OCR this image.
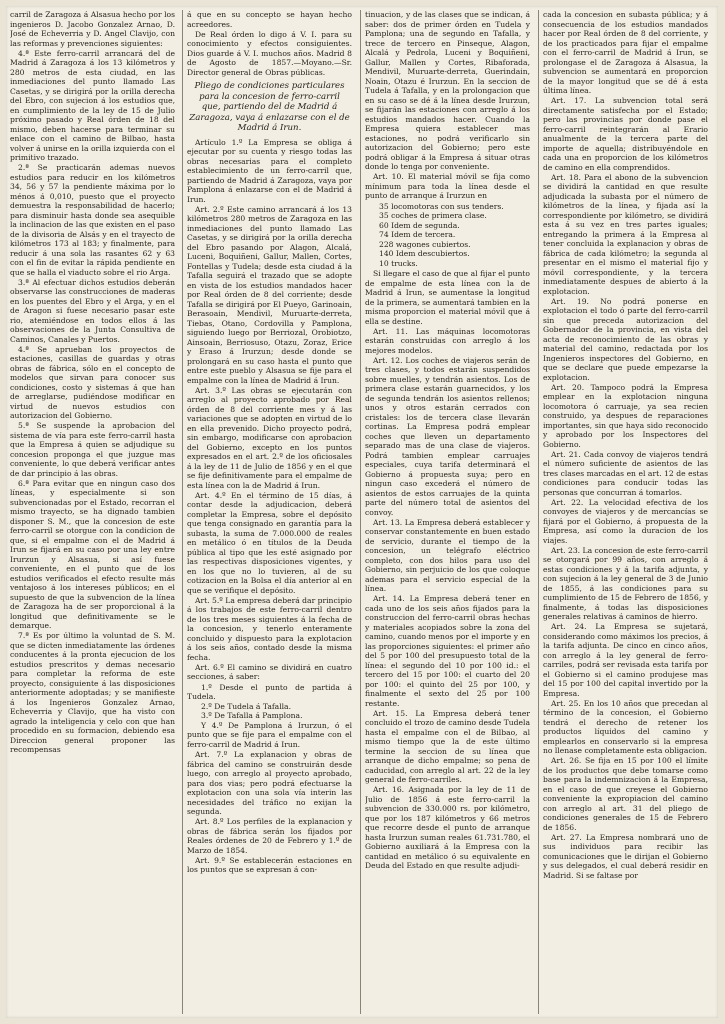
carril de Zaragoza á Alsasua hecho por los ingenieros D. Jacobo Gonzalez Arnao, D. José de Echeverria y D. Angel Clavijo, con las reformas y prevenciones siguientes:

4.ª Este ferro-carril arrancará del de Madrid á Zaragoza á los 13 kilómetros y 280 metros de esta ciudad, en las inmediaciones del punto llamado Las Casetas, y se dirigirá por la orilla derecha del Ebro, con sujecion á los estudios que, en cumplimiento de la ley de 15 de Julio próximo pasado y Real órden de 18 del mismo, deben hacerse para terminar su enlace con el camino de Bilbao, hasta volver á unirse en la orilla izquierda con el primitivo trazado.

2.ª Se practicarán ademas nuevos estudios para reducir en los kilómetros 34, 56 y 57 la pendiente máxima por lo ménos á 0,010, puesto que el proyecto demuestra la responsabilidad de hacerlo; para disminuir hasta donde sea asequible la inclinacion de las que existen en el paso de la divisoria de Alsás y en el trayecto de kilómetros 173 al 183; y finalmente, para reducir á una sola las rasantes 62 y 63 con el fin de evitar la rápida pendiente en que se halla el viaducto sobre el rio Arga.

3.ª Al efectuar dichos estudios deberán observarse las construcciones de maderas en los puentes del Ebro y el Arga, y en el de Aragon si fuese necesario pasar este rio, atemiéndose en todos ellos á las observaciones de la Junta Consultiva de Caminos, Canales y Puertos.

4.ª Se aprueban los proyectos de estaciones, casillas de guardas y otras obras de fábrica, sólo en el concepto de modelos que sirvan para conocer sus condiciones, costo y sistemas á que han de arreglarse, pudiéndose modificar en virtud de nuevos estudios con autorizacion del Gobierno.

5.ª Se suspende la aprobacion del sistema de vía para este ferro-carril hasta que la Empresa á quien se adjudique su concesion proponga el que juzgue mas conveniente, lo que deberá verificar antes de dar principio á las obras.

6.ª Para evitar que en ningun caso dos líneas, y especialmente si son subvencionadas por el Estado, recorran el mismo trayecto, se ha dignado tambien disponer S. M., que la concesion de este ferro-carril se otorgue con la condicion de que, si el empalme con el de Madrid á Irun se fijará en su caso por una ley entre Irurzun y Alsasua, si así fuese conveniente, en el punto que de los estudios verificados el efecto resulte más ventajoso á los intereses públicos; en el supuesto de que la subvencion de la línea de Zaragoza ha de ser proporcional á la longitud que definitivamente se le demarque.

7.ª Es por último la voluntad de S. M. que se dicten inmediatamente las órdenes conducentes á la pronta ejecucion de los estudios prescritos y demas necesario para completar la reforma de este proyecto, consiguiente á las disposiciones anteriormente adoptadas; y se manifieste á los Ingenieros Gonzalez Arnao, Echeverria y Clavijo, que ha visto con agrado la inteligencia y celo con que han procedido en su formacion, debiendo esa Direccion general proponer las recompensas

á que en su concepto se hayan hecho acreedores.

De Real órden lo digo á V. I. para su conocimiento y efectos consiguientes. Dios guarde á V. I. muchos años. Madrid 8 de Agosto de 1857.—Moyano.—Sr. Director general de Obras públicas.

Pliego de condiciones particulares para la concesion de ferro-carril que, partiendo del de Madrid á Zaragoza, vaya á enlazarse con el de Madrid á Irun.

Artículo 1.º La Empresa se obliga á ejecutar por su cuenta y riesgo todas las obras necesarias para el completo establecimiento de un ferro-carril que, partiendo de Madrid á Zaragoza, vaya por Pamplona á enlazarse con el de Madrid á Irun.

Art. 2.º Este camino arrancará á los 13 kilómetros 280 metros de Zaragoza en las inmediaciones del punto llamado Las Casetas, y se dirigirá por la orilla derecha del Ebro pasando por Alagon, Alcalá, Luceni, Boquiñeni, Gallur, Mallen, Cortes, Fontellas y Tudela; desde esta ciudad á la Tafalla seguirá el trazado que se adopte en vista de los estudios mandados hacer por Real órden de 8 del corriente; desde Tafalla se dirigirá por El Pueyo, Garinoain, Berasoain, Mendivil, Muruarte-derreta, Tiebas, Otano, Cordovilla y Pamplona, siguiendo luego por Berriozal, Orobiotzo, Ainsoain, Berriosuso, Otazu, Zoraz, Erice y Eraso á Irurzun; desde donde se prolongará en su caso hasta el punto que entre este pueblo y Alsasua se fije para el empalme con la línea de Madrid á Irun.

Art. 3.º Las obras se ejecutarán con arreglo al proyecto aprobado por Real órden de 8 del corriente mes y á las variaciones que se adopten en virtud de lo en ella prevenido. Dicho proyecto podrá, sin embargo, modificarse con aprobacion del Gobierno, excepto en los puntos expresados en el art. 2.º de los oficiosales á la ley de 11 de Julio de 1856 y en el que se fije definitivamente para el empalme de esta línea con la de Madrid á Irun.

Art. 4.º En el término de 15 días, á contar desde la adjudicacion, deberá completar la Empresa, sobre el depósito que tenga consignado en garantía para la subasta, la suma de 7.000.000 de reales en metálico ó en títulos de la Deuda pública al tipo que les esté asignado por las respectivas disposiciones vigentes, y en los que no lo tuvieren, al de su cotizacion en la Bolsa el día anterior al en que se verifique el depósito.

Art. 5.º La empresa deberá dar principio á los trabajos de este ferro-carril dentro de los tres meses siguientes á la fecha de la concesion, y tenerlo enteramente concluido y dispuesto para la explotacion á los seis años, contado desde la misma fecha.

Art. 6.º El camino se dividirá en cuatro secciones, á saber:

1.º Desde el punto de partida á Tudela.
2.º De Tudela á Tafalla.
3.º De Tafalla á Pamplona.
Y 4.º De Pamplona á Irurzun, ó el punto que se fije para el empalme con el ferro-carril de Madrid á Irun.

Art. 7.º La explanacion y obras de fábrica del camino se construirán desde luego, con arreglo al proyecto aprobado, para dos vias; pero podrá efectuarse la explotacion con una sola vía interin las necesidades del tráfico no exijan la segunda.

Art. 8.º Los perfiles de la explanacion y obras de fábrica serán los fijados por Reales órdenes de 20 de Febrero y 1.º de Marzo de 1854.

Art. 9.º Se establecerán estaciones en los puntos que se expresan á con-

tinuacion, y de las clases que se indican, á saber: dos de primer órden en Tudela y Pamplona; una de segundo en Tafalla, y trece de tercero en Pinseque, Alagon, Alcalá y Pedrola, Luceni y Boquiñeni, Gallur, Mallen y Cortes, Ribaforada, Mendivil, Muruarte-derreta, Guerindain, Noain, Otazu é Irurzun. En la seccion de Tudela á Tafalla, y en la prolongacion que en su caso se dé á la línea desde Irurzun, se fijarán las estaciones con arreglo á los estudios mandados hacer. Cuando la Empresa quiera establecer mas estaciones, no podrá verificarlo sin autorizacion del Gobierno; pero este podrá obligar á la Empresa á situar otras donde lo tenga por conveniente.

Art. 10. El material móvil se fija como mínimum para toda la línea desde el punto de arranque á Irurzun en

35 locomotoras con sus tenders.
35 coches de primera clase.
60 Idem de segunda.
74 Idem de tercera.
228 wagones cubiertos.
140 Idem descubiertos.
10 trucks.

Si llegare el caso de que al fijar el punto de empalme de esta línea con la de Madrid á Irun, se aumentase la longitud de la primera, se aumentará tambien en la misma proporcion el material móvil que á ella se destine.

Art. 11. Las máquinas locomotoras estarán construidas con arreglo á los mejores modelos.

Art. 12. Los coches de viajeros serán de tres clases, y todos estarán suspendidos sobre muelles, y tendrán asientos. Los de primera clase estarán guarnecidos, y los de segunda tendrán los asientos rellenos; unos y otros estarán cerrados con cristales: los de tercera clase llevarán cortinas. La Empresa podrá emplear coches que lleven un departamento separado mas de una clase de viajeros. Podrá tambien emplear carruajes especiales, cuya tarifa determinará el Gobierno á propuesta suya; pero en ningun caso excederá el número de asientos de estos carruajes de la quinta parte del número total de asientos del convoy.

Art. 13. La Empresa deberá establecer y conservar constantemente en buen estado de servicio, durante el tiempo de la concesion, un telégrafo eléctrico completo, con dos hilos para uso del Gobierno, sin perjuicio de los que coloque ademas para el servicio especial de la línea.

Art. 14. La Empresa deberá tener en cada uno de los seis años fijados para la construccion del ferro-carril obras hechas y materiales acopiados sobre la zona del camino, cuando menos por el importe y en las proporciones siguientes: el primer año del 5 por 100 del presupuesto total de la línea: el segundo del 10 por 100 id.: el tercero del 15 por 100: el cuarto del 20 por 100: el quinto del 25 por 100, y finalmente el sexto del 25 por 100 restante.

Art. 15. La Empresa deberá tener concluido el trozo de camino desde Tudela hasta el empalme con el de Bilbao, al mismo tiempo que la de este último termine la seccion de su línea que arranque de dicho empalme; so pena de caducidad, con arreglo al art. 22 de la ley general de ferro-carriles.

Art. 16. Asignada por la ley de 11 de Julio de 1856 á este ferro-carril la subvencion de 330.000 rs. por kilómetro, que por los 187 kilómetros y 66 metros que recorre desde el punto de arranque hasta Irurzun suman reales 61.731.780, el Gobierno auxiliará á la Empresa con la cantidad en metálico ó su equivalente en Deuda del Estado en que resulte adjudi-

cada la concesion en subasta pública; y á consecuencia de los estudios mandados hacer por Real órden de 8 del corriente, y de los practicados para fijar el empalme con el ferro-carril de Madrid á Irun, se prolongase el de Zaragoza á Alsasua, la subvencion se aumentará en proporcion de la mayor longitud que se dé á esta última línea.

Art. 17. La subvencion total será directamente satisfecha por el Estado; pero las provincias por donde pase el ferro-carril reintegrarán al Erario anualmente de la tercera parte del importe de aquella; distribuyéndole en cada una en proporcion de los kilómetros de camino en ella comprendidos.

Art. 18. Para el abono de la subvencion se dividirá la cantidad en que resulte adjudicada la subasta por el número de kilómetros de la línea, y fijada así la correspondiente por kilómetro, se dividirá esta á su vez en tres partes iguales; entregando la primera á la Empresa al tener concluida la explanacion y obras de fábrica de cada kilómetro; la segunda al presentar en el mismo el material fijo y móvil correspondiente, y la tercera inmediatamente despues de abierto á la explotacion.

Art. 19. No podrá ponerse en explotacion el todo ó parte del ferro-carril sin que preceda autorizacion del Gobernador de la provincia, en vista del acta de reconocimiento de las obras y material del camino, redactada por los Ingenieros inspectores del Gobierno, en que se declare que puede empezarse la explotacion.

Art. 20. Tampoco podrá la Empresa emplear en la explotacion ninguna locomotora ó carruaje, ya sea recien construido, ya despues de reparaciones importantes, sin que haya sido reconocido y aprobado por los Inspectores del Gobierno.

Art. 21. Cada convoy de viajeros tendrá el número suficiente de asientos de las tres clases marcadas en el art. 12 de estas condiciones para conducir todas las personas que concurran á tomarlos.

Art. 22. La velocidad efectiva de los convoyes de viajeros y de mercancías se fijará por el Gobierno, á propuesta de la Empresa, así como la duracion de los viajes.

Art. 23. La concesion de este ferro-carril se otorgará por 99 años, con arreglo á estas condiciones y á la tarifa adjunta, y con sujecion á la ley general de 3 de Junio de 1855, á las condiciones para su cumplimiento de 15 de Febrero de 1856, y finalmente, á todas las disposiciones generales relativas á caminos de hierro.

Art. 24. La Empresa se sujetará, considerando como máximos los precios, á la tarifa adjunta. De cinco en cinco años, con arreglo á la ley general de ferro-carriles, podrá ser revisada esta tarifa por el Gobierno si el camino produjese mas del 15 por 100 del capital invertido por la Empresa.

Art. 25. En los 10 años que precedan al término de la concesion, el Gobierno tendrá el derecho de retener los productos líquidos del camino y emplearlos en conservarlo si la empresa no llenase completamente esta obligacion.

Art. 26. Se fija en 15 por 100 el límite de los productos que debe tomarse como base para la indemnizacion á la Empresa, en el caso de que creyese el Gobierno conveniente la expropiacion del camino con arreglo al art. 31 del pliego de condiciones generales de 15 de Febrero de 1856.

Art. 27. La Empresa nombrará uno de sus individuos para recibir las comunicaciones que le dirijan el Gobierno y sus delegados, el cual deberá residir en Madrid. Si se faltase por
